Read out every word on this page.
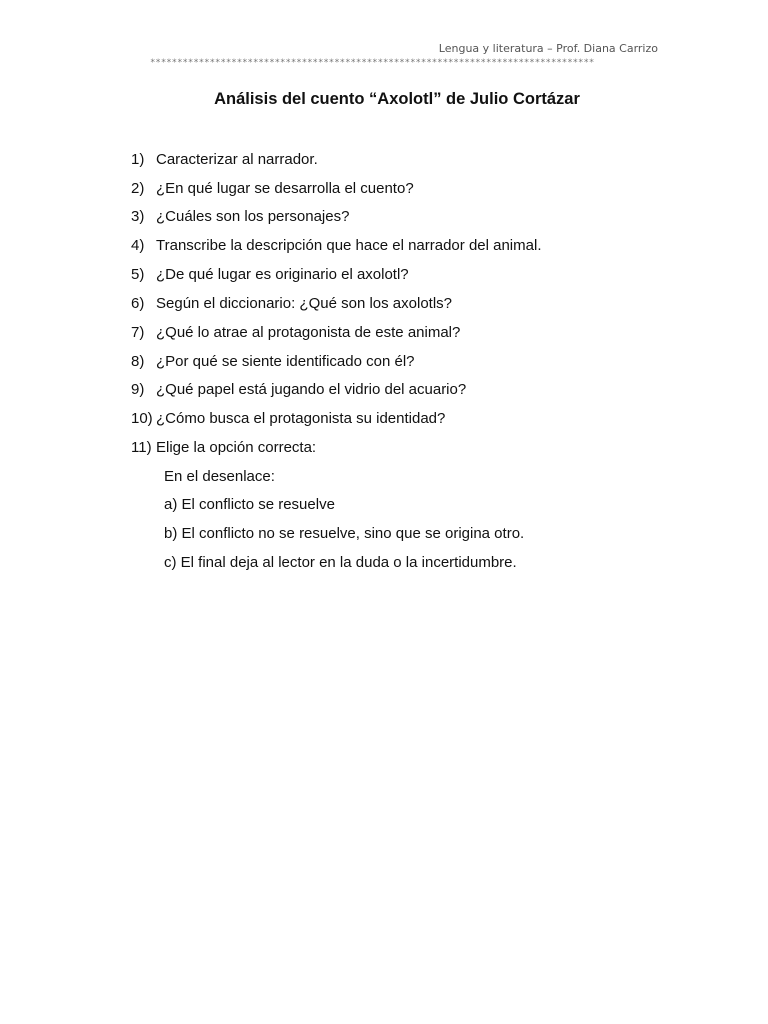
Lengua y literatura – Prof. Diana Carrizo
**********************************************************************************
Análisis del cuento “Axolotl” de Julio Cortázar
1) Caracterizar al narrador.
2) ¿En qué lugar se desarrolla el cuento?
3) ¿Cuáles son los personajes?
4) Transcribe la descripción que hace el narrador del animal.
5) ¿De qué lugar es originario el axolotl?
6) Según el diccionario: ¿Qué son los axolotls?
7) ¿Qué lo atrae al protagonista de este animal?
8) ¿Por qué se siente identificado con él?
9) ¿Qué papel está jugando el vidrio del acuario?
10) ¿Cómo busca el protagonista su identidad?
11) Elige la opción correcta:
En el desenlace:
a) El conflicto se resuelve
b) El conflicto no se resuelve, sino que se origina otro.
c) El final deja al lector en la duda o la incertidumbre.
